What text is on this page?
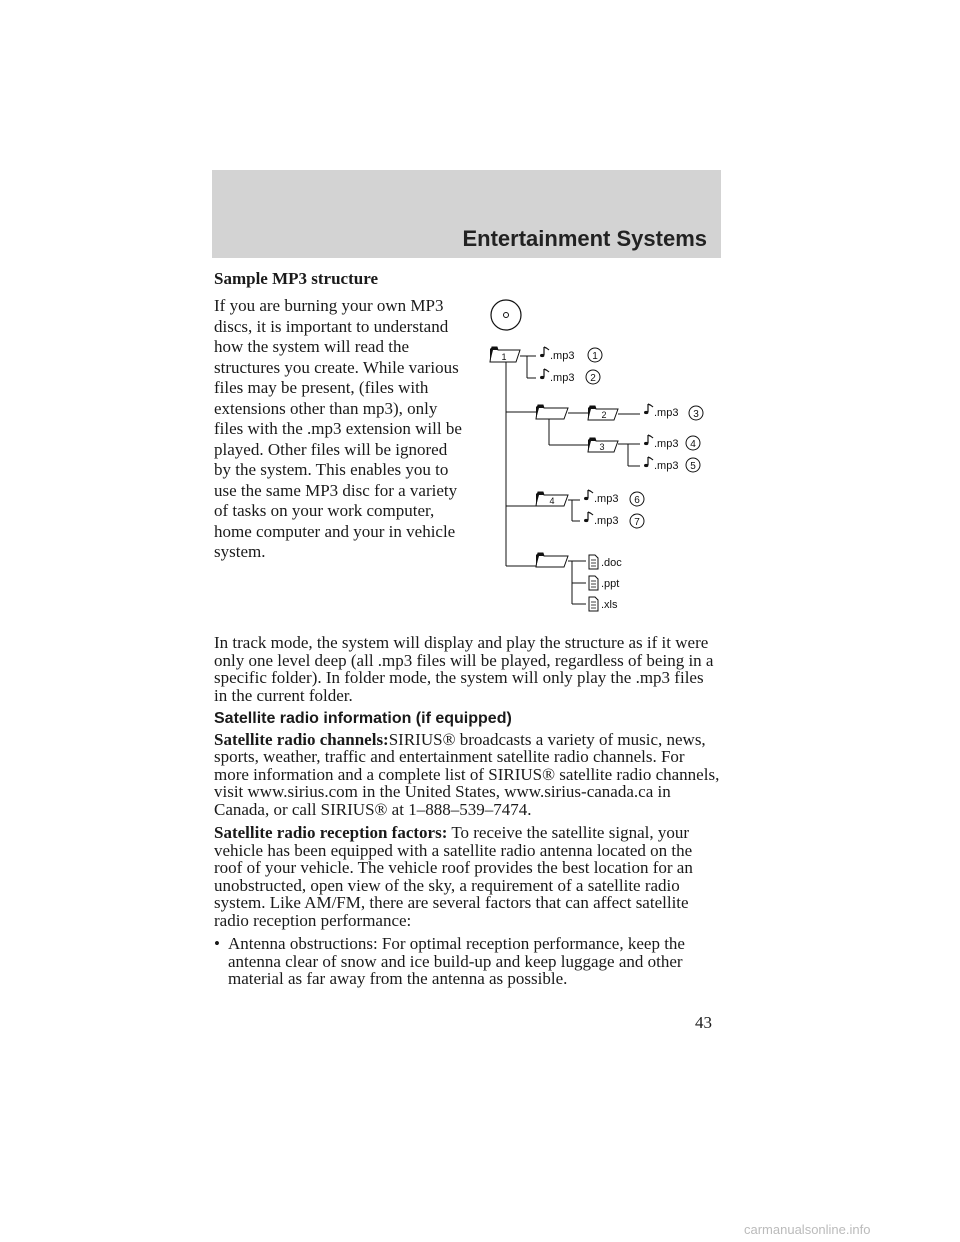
Entertainment Systems
Sample MP3 structure
If you are burning your own MP3 discs, it is important to understand how the system will read the structures you create. While various files may be present, (files with extensions other than mp3), only files with the .mp3 extension will be played. Other files will be ignored by the system. This enables you to use the same MP3 disc for a variety of tasks on your work computer, home computer and your in vehicle system.
1	.mp3 1
.mp3 2
2	.mp3 3
3	.mp3 4
.mp3 5
4	.mp3 6
.mp3 7
.doc
.ppt
.xls

In track mode, the system will display and play the structure as if it were only one level deep (all .mp3 files will be played, regardless of being in a specific folder). In folder mode, the system will only play the .mp3 files in the current folder.

Satellite radio information (if equipped)

Satellite radio channels:SIRIUS® broadcasts a variety of music, news, sports, weather, traffic and entertainment satellite radio channels. For more information and a complete list of SIRIUS® satellite radio channels, visit www.sirius.com in the United States, www.sirius-canada.ca in Canada, or call SIRIUS® at 1–888–539–7474.

Satellite radio reception factors: To receive the satellite signal, your vehicle has been equipped with a satellite radio antenna located on the roof of your vehicle. The vehicle roof provides the best location for an unobstructed, open view of the sky, a requirement of a satellite radio system. Like AM/FM, there are several factors that can affect satellite radio reception performance:

• Antenna obstructions: For optimal reception performance, keep the antenna clear of snow and ice build-up and keep luggage and other material as far away from the antenna as possible.
43
carmanualsonline.info
